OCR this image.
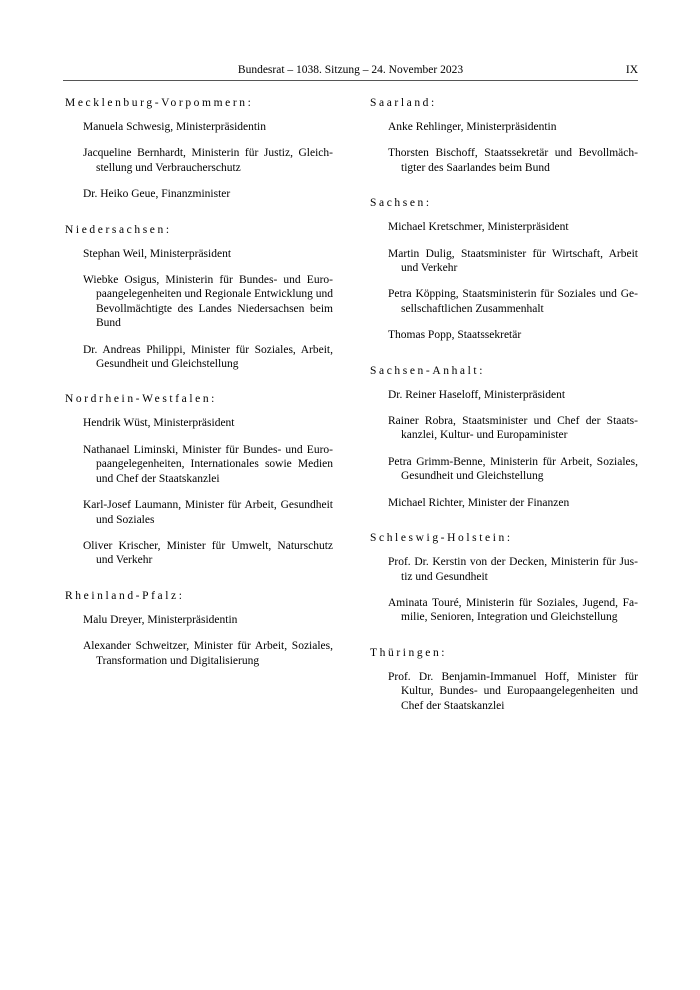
Bundesrat – 1038. Sitzung – 24. November 2023	IX
Mecklenburg-Vorpommern:

Manuela Schwesig, Ministerpräsidentin

Jacqueline Bernhardt, Ministerin für Justiz, Gleichstellung und Verbraucherschutz

Dr. Heiko Geue, Finanzminister

Niedersachsen:

Stephan Weil, Ministerpräsident

Wiebke Osigus, Ministerin für Bundes- und Europaangelegenheiten und Regionale Entwicklung und Bevollmächtigte des Landes Niedersachsen beim Bund

Dr. Andreas Philippi, Minister für Soziales, Arbeit, Gesundheit und Gleichstellung

Nordrhein-Westfalen:

Hendrik Wüst, Ministerpräsident

Nathanael Liminski, Minister für Bundes- und Europaangelegenheiten, Internationales sowie Medien und Chef der Staatskanzlei

Karl-Josef Laumann, Minister für Arbeit, Gesundheit und Soziales

Oliver Krischer, Minister für Umwelt, Naturschutz und Verkehr

Rheinland-Pfalz:

Malu Dreyer, Ministerpräsidentin

Alexander Schweitzer, Minister für Arbeit, Soziales, Transformation und Digitalisierung

Saarland:

Anke Rehlinger, Ministerpräsidentin

Thorsten Bischoff, Staatssekretär und Bevollmächtigter des Saarlandes beim Bund

Sachsen:

Michael Kretschmer, Ministerpräsident

Martin Dulig, Staatsminister für Wirtschaft, Arbeit und Verkehr

Petra Köpping, Staatsministerin für Soziales und Gesellschaftlichen Zusammenhalt

Thomas Popp, Staatssekretär

Sachsen-Anhalt:

Dr. Reiner Haseloff, Ministerpräsident

Rainer Robra, Staatsminister und Chef der Staatskanzlei, Kultur- und Europaminister

Petra Grimm-Benne, Ministerin für Arbeit, Soziales, Gesundheit und Gleichstellung

Michael Richter, Minister der Finanzen

Schleswig-Holstein:

Prof. Dr. Kerstin von der Decken, Ministerin für Justiz und Gesundheit

Aminata Touré, Ministerin für Soziales, Jugend, Familie, Senioren, Integration und Gleichstellung

Thüringen:

Prof. Dr. Benjamin-Immanuel Hoff, Minister für Kultur, Bundes- und Europaangelegenheiten und Chef der Staatskanzlei
